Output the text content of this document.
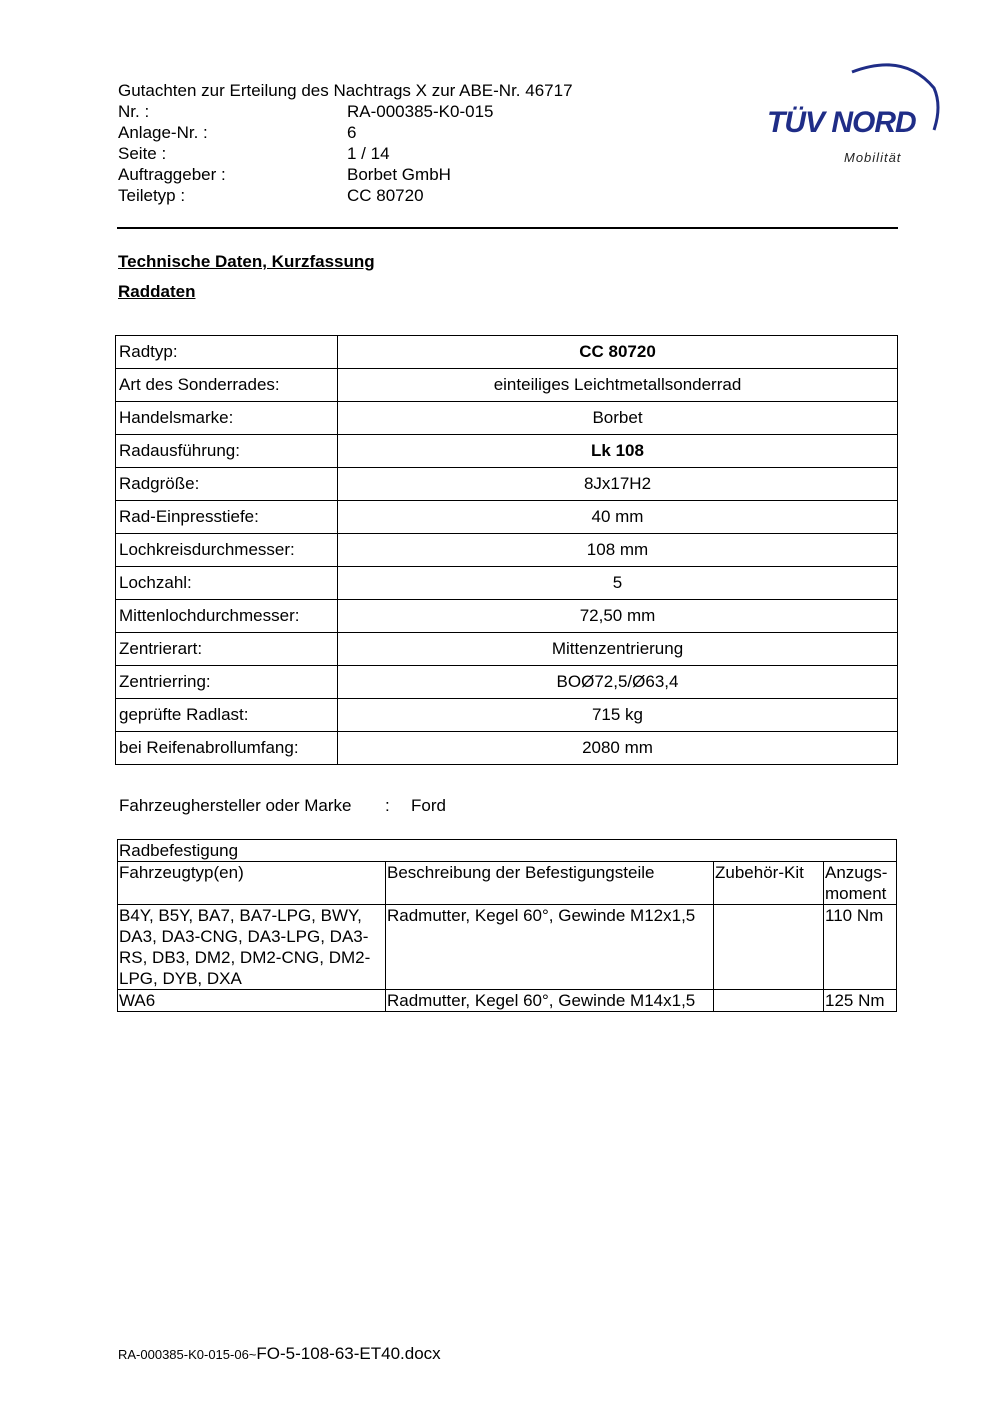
Gutachten zur Erteilung des Nachtrags X zur ABE-Nr. 46717
Nr. :	RA-000385-K0-015
Anlage-Nr. :	6
Seite :	1 / 14
Auftraggeber :	Borbet GmbH
Teiletyp :	CC 80720
TÜV NORD
Mobilität
Technische Daten, Kurzfassung
Raddaten
Radtyp:	CC 80720
Art des Sonderrades:	einteiliges Leichtmetallsonderrad
Handelsmarke:	Borbet
Radausführung:	Lk 108
Radgröße:	8Jx17H2
Rad-Einpresstiefe:	40 mm
Lochkreisdurchmesser:	108 mm
Lochzahl:	5
Mittenlochdurchmesser:	72,50 mm
Zentrierart:	Mittenzentrierung
Zentrierring:	BOØ72,5/Ø63,4
geprüfte Radlast:	715 kg
bei Reifenabrollumfang:	2080 mm
Fahrzeughersteller oder Marke	:	Ford
Radbefestigung			
Fahrzeugtyp(en)	Beschreibung der Befestigungsteile	Zubehör-Kit	Anzugs-
moment
B4Y, B5Y, BA7, BA7-LPG, BWY, DA3, DA3-CNG, DA3-LPG, DA3-RS, DB3, DM2, DM2-CNG, DM2-LPG, DYB, DXA	Radmutter, Kegel 60°, Gewinde M12x1,5		110 Nm
WA6	Radmutter, Kegel 60°, Gewinde M14x1,5		125 Nm
RA-000385-K0-015-06~FO-5-108-63-ET40.docx
